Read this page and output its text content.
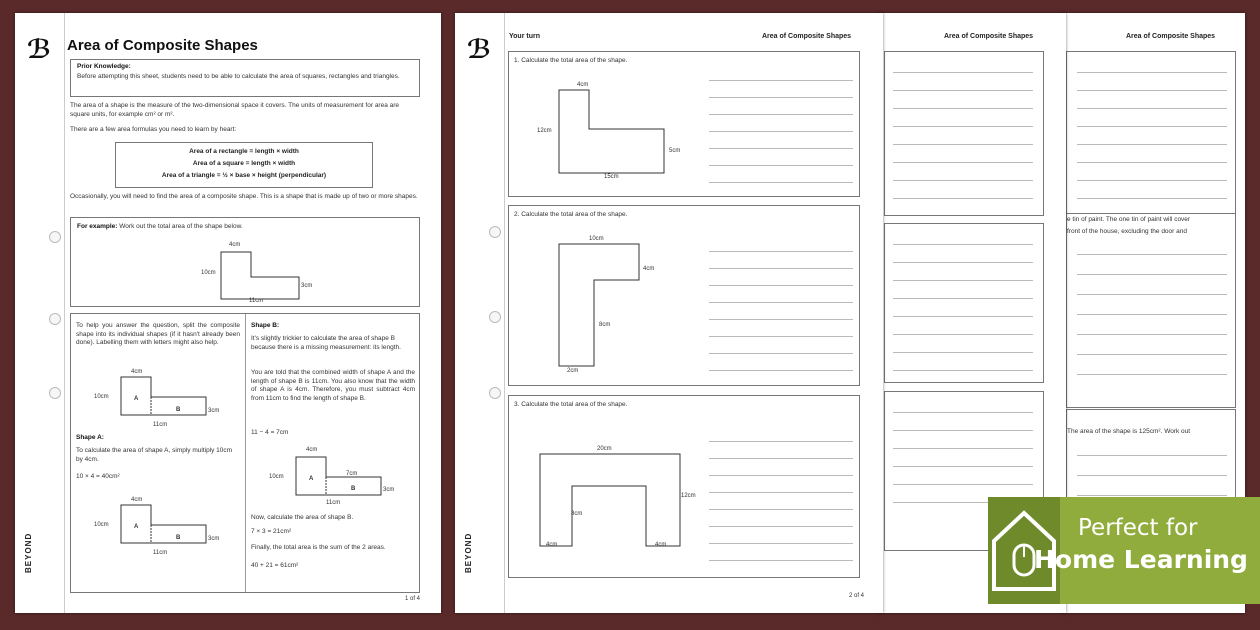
ℬ
BEYOND
Area of Composite Shapes
Prior Knowledge:
Before attempting this sheet, students need to be able to calculate the area of squares, rectangles and triangles.
The area of a shape is the measure of the two-dimensional space it covers. The units of measurement for area are square units, for example cm² or m².
There are a few area formulas you need to learn by heart:
Area of a rectangle = length × width
Area of a square = length × width
Area of a triangle = ½ × base × height (perpendicular)
Occasionally, you will need to find the area of a composite shape. This is a shape that is made up of two or more shapes.
For example: Work out the total area of the shape below.
4cm
10cm
3cm
11cm
To help you answer the question, split the composite shape into its individual shapes (if it hasn't already been done). Labelling them with letters might also help.
4cm
10cm	A
B	3cm
11cm
Shape A:
To calculate the area of shape A, simply multiply 10cm by 4cm.
10 × 4 = 40cm²
4cm
10cm	A
B	3cm
11cm
Shape B:
It's slightly trickier to calculate the area of shape B because there is a missing measurement: its length.
You are told that the combined width of shape A and the length of shape B is 11cm. You also know that the width of shape A is 4cm. Therefore, you must subtract 4cm from 11cm to find the length of shape B.
11 − 4 = 7cm
4cm
10cm	A
7cm
B	3cm
11cm
Now, calculate the area of shape B.
7 × 3 = 21cm²
Finally, the total area is the sum of the 2 areas.
40 + 21 = 61cm²
1 of 4
Area of Composite Shapes
e tin of paint. The one tin of paint will cover
front of the house, excluding the door and
The area of the shape is 125cm². Work out
Area of Composite Shapes
ℬ
BEYOND
Your turn	Area of Composite Shapes
1. Calculate the total area of the shape.
4cm
12cm
5cm
15cm
2. Calculate the total area of the shape.
10cm
4cm
8cm
2cm
3. Calculate the total area of the shape.
20cm
12cm
8cm
4cm	4cm
2 of 4
Perfect for
Home Learning
